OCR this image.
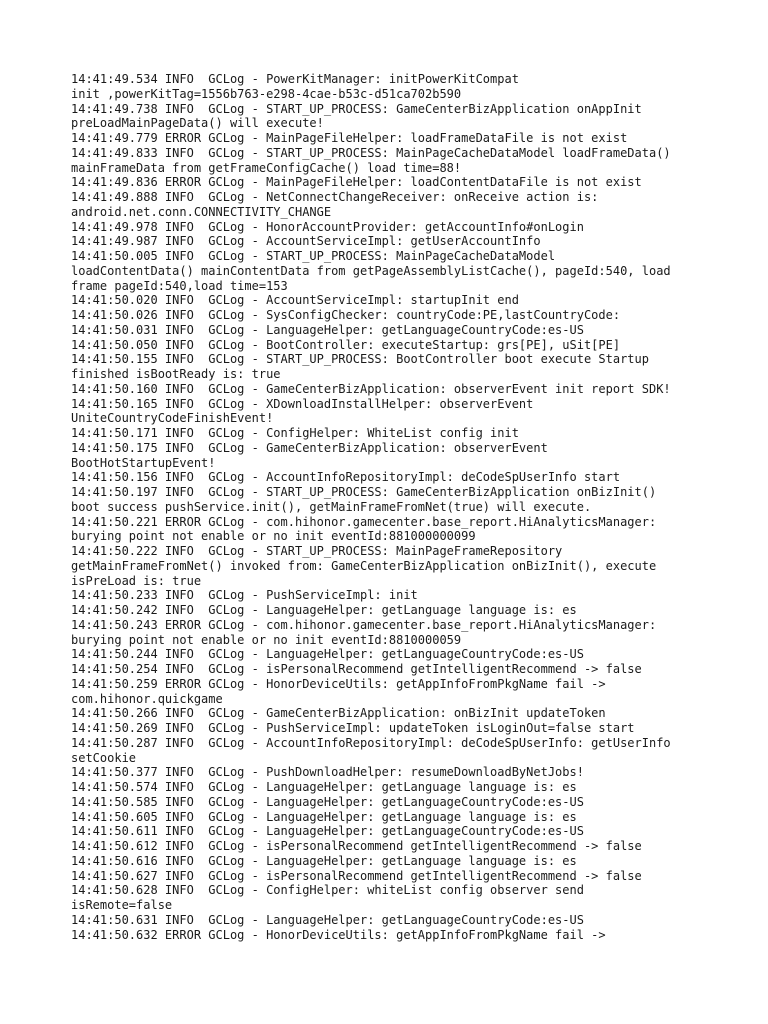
14:41:49.534 INFO  GCLog - PowerKitManager: initPowerKitCompat
init ,powerKitTag=1556b763-e298-4cae-b53c-d51ca702b590
14:41:49.738 INFO  GCLog - START_UP_PROCESS: GameCenterBizApplication onAppInit
preLoadMainPageData() will execute!
14:41:49.779 ERROR GCLog - MainPageFileHelper: loadFrameDataFile is not exist
14:41:49.833 INFO  GCLog - START_UP_PROCESS: MainPageCacheDataModel loadFrameData()
mainFrameData from getFrameConfigCache() load time=88!
14:41:49.836 ERROR GCLog - MainPageFileHelper: loadContentDataFile is not exist
14:41:49.888 INFO  GCLog - NetConnectChangeReceiver: onReceive action is:
android.net.conn.CONNECTIVITY_CHANGE
14:41:49.978 INFO  GCLog - HonorAccountProvider: getAccountInfo#onLogin
14:41:49.987 INFO  GCLog - AccountServiceImpl: getUserAccountInfo
14:41:50.005 INFO  GCLog - START_UP_PROCESS: MainPageCacheDataModel
loadContentData() mainContentData from getPageAssemblyListCache(), pageId:540, load
frame pageId:540,load time=153
14:41:50.020 INFO  GCLog - AccountServiceImpl: startupInit end
14:41:50.026 INFO  GCLog - SysConfigChecker: countryCode:PE,lastCountryCode:
14:41:50.031 INFO  GCLog - LanguageHelper: getLanguageCountryCode:es-US
14:41:50.050 INFO  GCLog - BootController: executeStartup: grs[PE], uSit[PE]
14:41:50.155 INFO  GCLog - START_UP_PROCESS: BootController boot execute Startup
finished isBootReady is: true
14:41:50.160 INFO  GCLog - GameCenterBizApplication: observerEvent init report SDK!
14:41:50.165 INFO  GCLog - XDownloadInstallHelper: observerEvent
UniteCountryCodeFinishEvent!
14:41:50.171 INFO  GCLog - ConfigHelper: WhiteList config init
14:41:50.175 INFO  GCLog - GameCenterBizApplication: observerEvent
BootHotStartupEvent!
14:41:50.156 INFO  GCLog - AccountInfoRepositoryImpl: deCodeSpUserInfo start
14:41:50.197 INFO  GCLog - START_UP_PROCESS: GameCenterBizApplication onBizInit()
boot success pushService.init(), getMainFrameFromNet(true) will execute.
14:41:50.221 ERROR GCLog - com.hihonor.gamecenter.base_report.HiAnalyticsManager:
burying point not enable or no init eventId:881000000099
14:41:50.222 INFO  GCLog - START_UP_PROCESS: MainPageFrameRepository
getMainFrameFromNet() invoked from: GameCenterBizApplication onBizInit(), execute
isPreLoad is: true
14:41:50.233 INFO  GCLog - PushServiceImpl: init
14:41:50.242 INFO  GCLog - LanguageHelper: getLanguage language is: es
14:41:50.243 ERROR GCLog - com.hihonor.gamecenter.base_report.HiAnalyticsManager:
burying point not enable or no init eventId:8810000059
14:41:50.244 INFO  GCLog - LanguageHelper: getLanguageCountryCode:es-US
14:41:50.254 INFO  GCLog - isPersonalRecommend getIntelligentRecommend -> false
14:41:50.259 ERROR GCLog - HonorDeviceUtils: getAppInfoFromPkgName fail ->
com.hihonor.quickgame
14:41:50.266 INFO  GCLog - GameCenterBizApplication: onBizInit updateToken
14:41:50.269 INFO  GCLog - PushServiceImpl: updateToken isLoginOut=false start
14:41:50.287 INFO  GCLog - AccountInfoRepositoryImpl: deCodeSpUserInfo: getUserInfo
setCookie
14:41:50.377 INFO  GCLog - PushDownloadHelper: resumeDownloadByNetJobs!
14:41:50.574 INFO  GCLog - LanguageHelper: getLanguage language is: es
14:41:50.585 INFO  GCLog - LanguageHelper: getLanguageCountryCode:es-US
14:41:50.605 INFO  GCLog - LanguageHelper: getLanguage language is: es
14:41:50.611 INFO  GCLog - LanguageHelper: getLanguageCountryCode:es-US
14:41:50.612 INFO  GCLog - isPersonalRecommend getIntelligentRecommend -> false
14:41:50.616 INFO  GCLog - LanguageHelper: getLanguage language is: es
14:41:50.627 INFO  GCLog - isPersonalRecommend getIntelligentRecommend -> false
14:41:50.628 INFO  GCLog - ConfigHelper: whiteList config observer send
isRemote=false
14:41:50.631 INFO  GCLog - LanguageHelper: getLanguageCountryCode:es-US
14:41:50.632 ERROR GCLog - HonorDeviceUtils: getAppInfoFromPkgName fail ->
